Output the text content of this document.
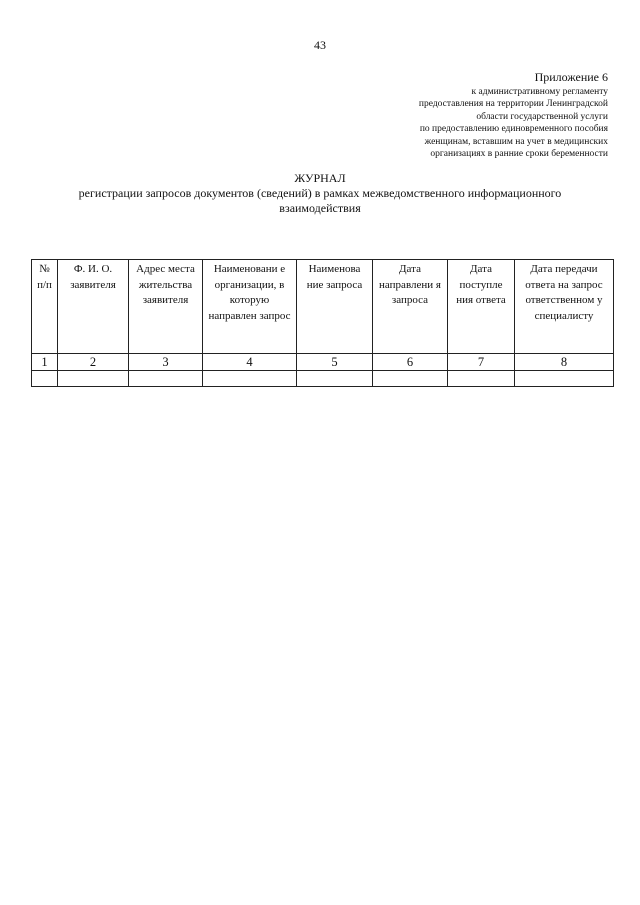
43
Приложение 6
к административному регламенту
предоставления на территории Ленинградской
области государственной услуги
по предоставлению единовременного пособия
женщинам, вставшим на учет в медицинских
организациях в ранние сроки беременности
ЖУРНАЛ
регистрации запросов документов (сведений) в рамках межведомственного информационного
взаимодействия
№ п/п	Ф. И. О. заявителя	Адрес места жительства заявителя	Наименовани е организации, в которую направлен запрос	Наименова ние запроса	Дата направлени я запроса	Дата поступле ния ответа	Дата передачи ответа на запрос ответственном у специалисту
1	2	3	4	5	6	7	8
